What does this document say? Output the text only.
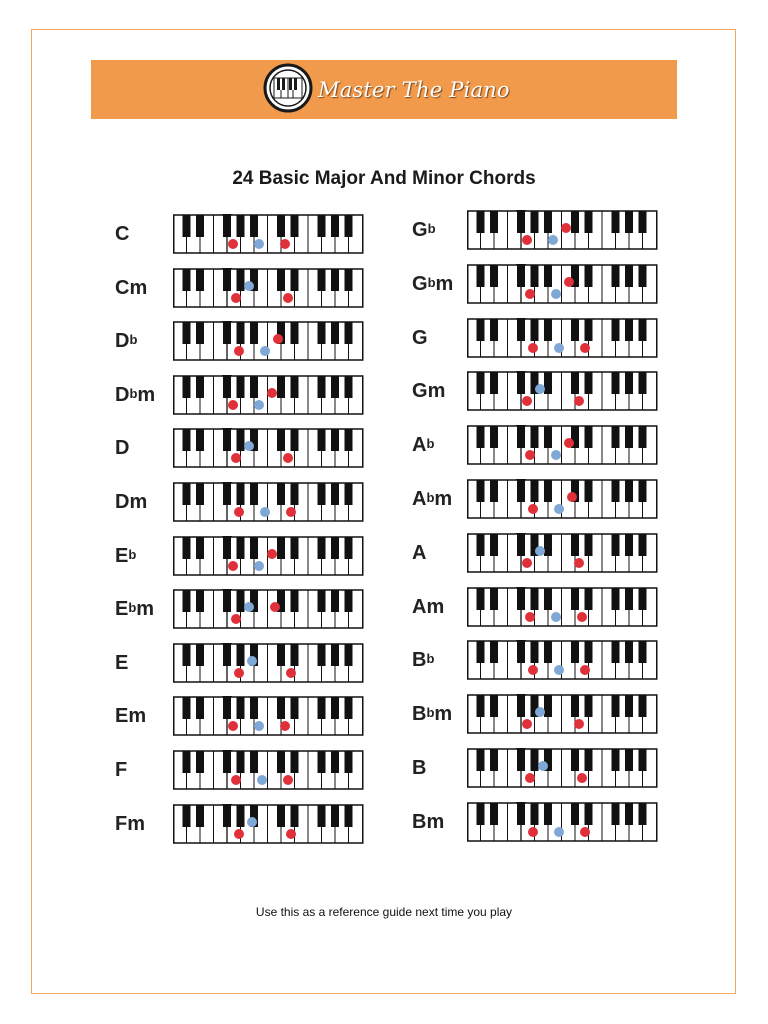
Master The Piano
24 Basic Major And Minor Chords
C
Cm
$D^b$
$D^bm$
D
Dm
$E^b$
$E^bm$
E
Em
F
Fm
$G^b$
$G^bm$
G
Gm
$A^b$
$A^bm$
A
Am
$B^b$
$B^bm$
B
Bm
Use this as a reference guide next time you play
